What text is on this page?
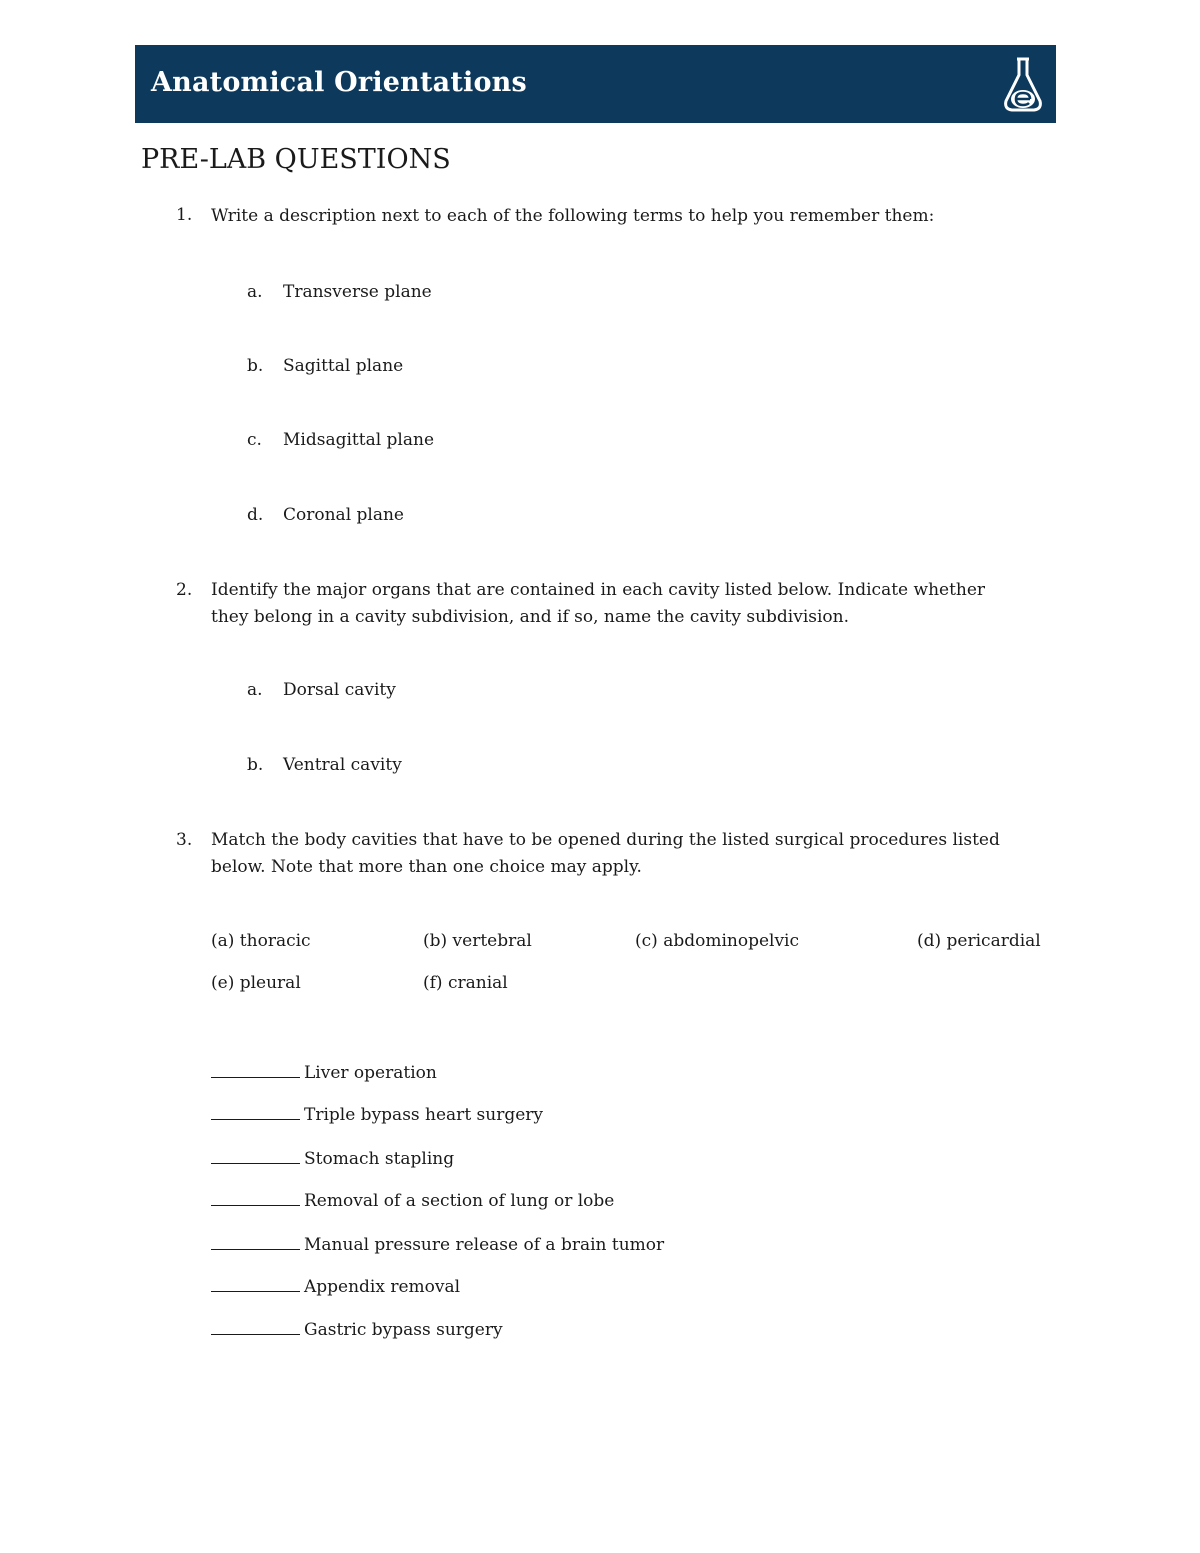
Anatomical Orientations
PRE-LAB QUESTIONS
1. Write a description next to each of the following terms to help you remember them:
a. Transverse plane
b. Sagittal plane
c. Midsagittal plane
d. Coronal plane
2. Identify the major organs that are contained in each cavity listed below. Indicate whether
they belong in a cavity subdivision, and if so, name the cavity subdivision.
a. Dorsal cavity
b. Ventral cavity
3. Match the body cavities that have to be opened during the listed surgical procedures listed
below. Note that more than one choice may apply.
(a) thoracic	(b) vertebral	(c) abdominopelvic	(d) pericardial
(e) pleural	(f) cranial
Liver operation
Triple bypass heart surgery
Stomach stapling
Removal of a section of lung or lobe
Manual pressure release of a brain tumor
Appendix removal
Gastric bypass surgery
